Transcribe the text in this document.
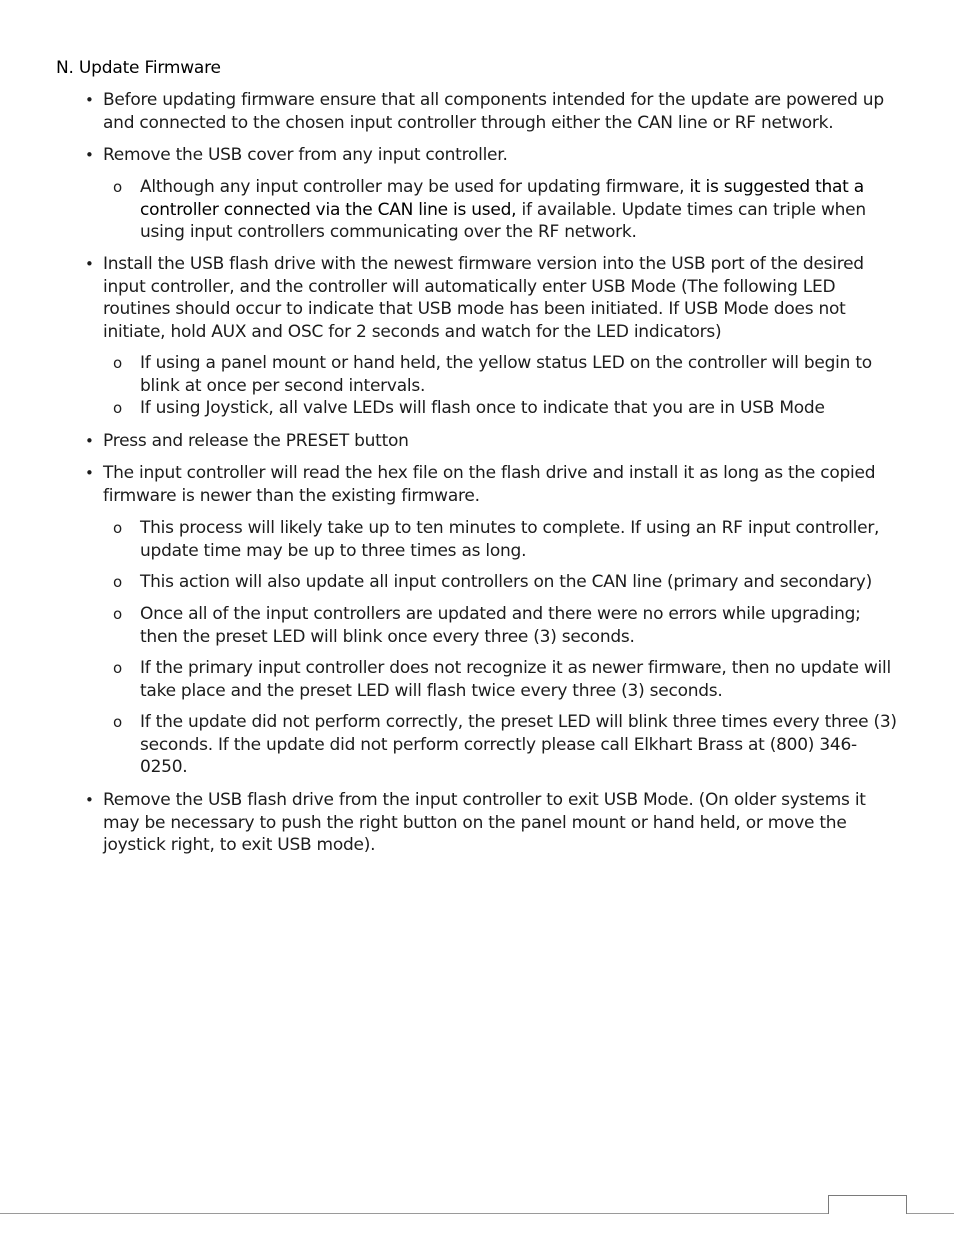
N. Update Firmware
• Before updating firmware ensure that all components intended for the update are powered up and connected to the chosen input controller through either the CAN line or RF network.
• Remove the USB cover from any input controller.
o Although any input controller may be used for updating firmware, it is suggested that a controller connected via the CAN line is used, if available. Update times can triple when using input controllers communicating over the RF network.
• Install the USB flash drive with the newest firmware version into the USB port of the desired input controller, and the controller will automatically enter USB Mode (The following LED routines should occur to indicate that USB mode has been initiated. If USB Mode does not initiate, hold AUX and OSC for 2 seconds and watch for the LED indicators)
o If using a panel mount or hand held, the yellow status LED on the controller will begin to blink at once per second intervals.
o If using Joystick, all valve LEDs will flash once to indicate that you are in USB Mode
• Press and release the PRESET button
• The input controller will read the hex file on the flash drive and install it as long as the copied firmware is newer than the existing firmware.
o This process will likely take up to ten minutes to complete. If using an RF input controller, update time may be up to three times as long.
o This action will also update all input controllers on the CAN line (primary and secondary)
o Once all of the input controllers are updated and there were no errors while upgrading; then the preset LED will blink once every three (3) seconds.
o If the primary input controller does not recognize it as newer firmware, then no update will take place and the preset LED will flash twice every three (3) seconds.
o If the update did not perform correctly, the preset LED will blink three times every three (3) seconds. If the update did not perform correctly please call Elkhart Brass at (800) 346-0250.
• Remove the USB flash drive from the input controller to exit USB Mode. (On older systems it may be necessary to push the right button on the panel mount or hand held, or move the joystick right, to exit USB mode).
